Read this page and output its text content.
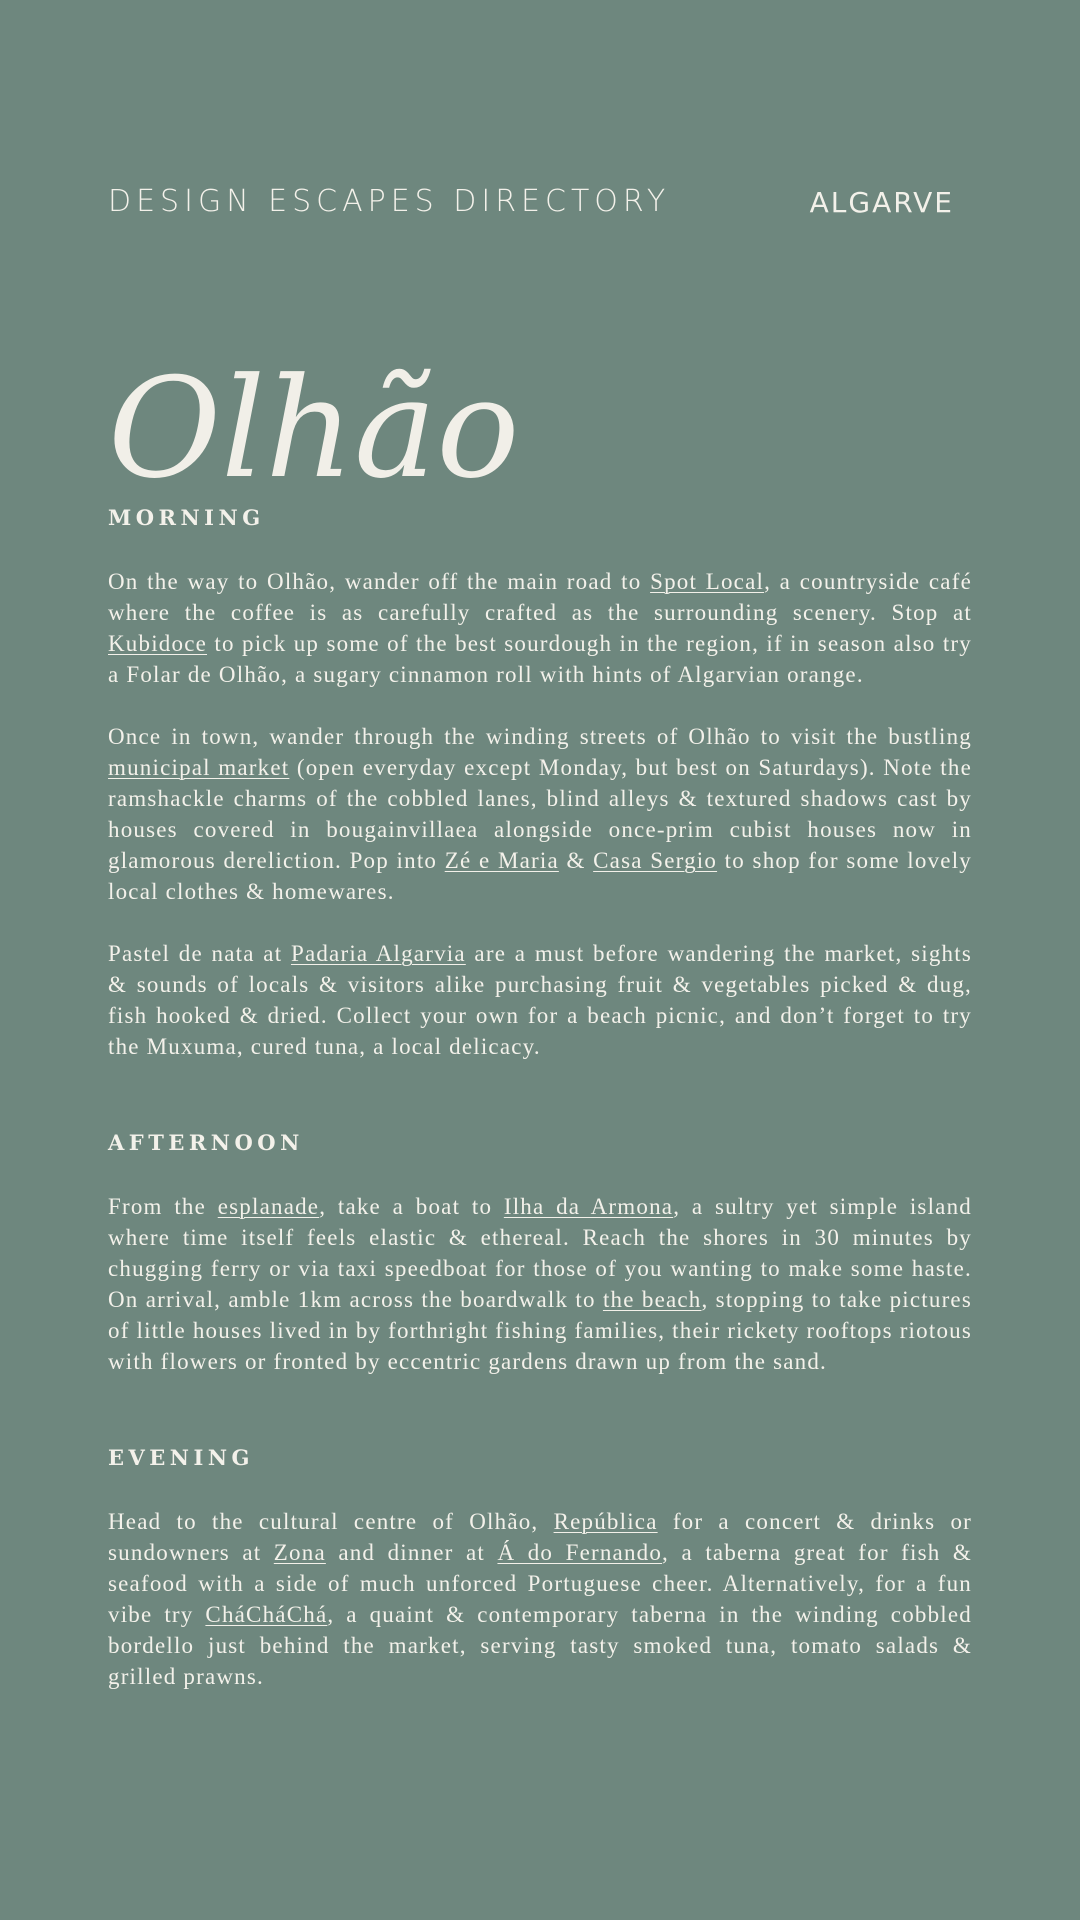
DESIGN ESCAPES DIRECTORY	ALGARVE
Olhão
MORNING

On the way to Olhão, wander off the main road to Spot Local, a countryside café where the coffee is as carefully crafted as the surrounding scenery. Stop at Kubidoce to pick up some of the best sourdough in the region, if in season also try a Folar de Olhão, a sugary cinnamon roll with hints of Algarvian orange.

Once in town, wander through the winding streets of Olhão to visit the bustling municipal market (open everyday except Monday, but best on Saturdays). Note the ramshackle charms of the cobbled lanes, blind alleys & textured shadows cast by houses covered in bougainvillaea alongside once-prim cubist houses now in glamorous dereliction. Pop into Zé e Maria & Casa Sergio to shop for some lovely local clothes & homewares.

Pastel de nata at Padaria Algarvia are a must before wandering the market, sights & sounds of locals & visitors alike purchasing fruit & vegetables picked & dug, fish hooked & dried. Collect your own for a beach picnic, and don’t forget to try the Muxuma, cured tuna, a local delicacy.

AFTERNOON

From the esplanade, take a boat to Ilha da Armona, a sultry yet simple island where time itself feels elastic & ethereal. Reach the shores in 30 minutes by chugging ferry or via taxi speedboat for those of you wanting to make some haste. On arrival, amble 1km across the boardwalk to the beach, stopping to take pictures of little houses lived in by forthright fishing families, their rickety rooftops riotous with flowers or fronted by eccentric gardens drawn up from the sand.

EVENING

Head to the cultural centre of Olhão, República for a concert & drinks or sundowners at Zona and dinner at Á do Fernando, a taberna great for fish & seafood with a side of much unforced Portuguese cheer. Alternatively, for a fun vibe try CháCháChá, a quaint & contemporary taberna in the winding cobbled bordello just behind the market, serving tasty smoked tuna, tomato salads & grilled prawns.
